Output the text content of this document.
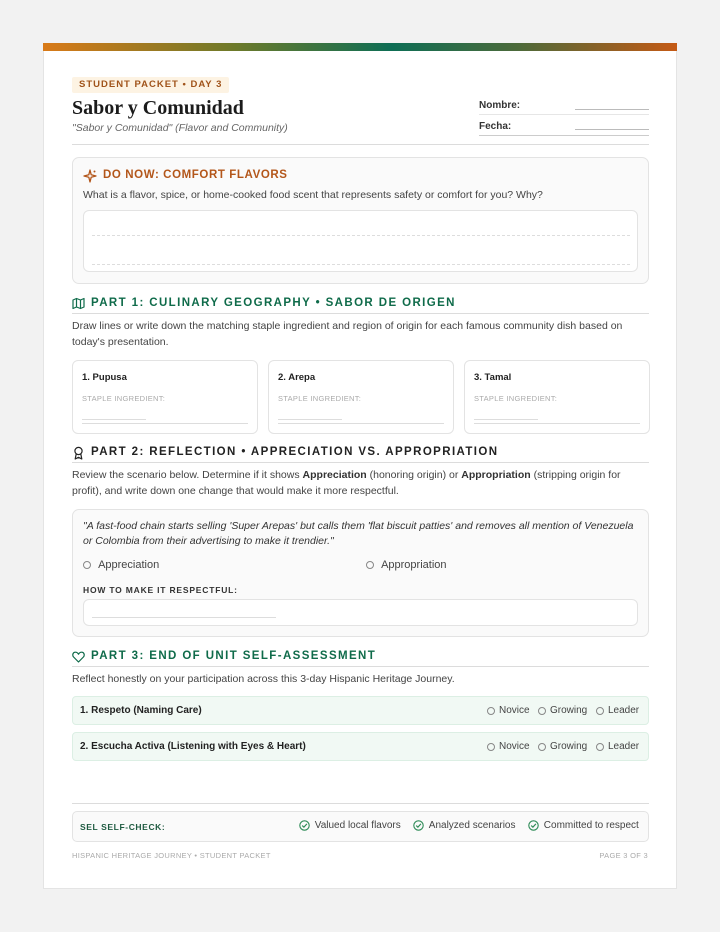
STUDENT PACKET • DAY 3
Sabor y Comunidad
"Sabor y Comunidad" (Flavor and Community)
Nombre:
Fecha:
DO NOW: COMFORT FLAVORS
What is a flavor, spice, or home-cooked food scent that represents safety or comfort for you? Why?
PART 1: CULINARY GEOGRAPHY • SABOR DE ORIGEN
Draw lines or write down the matching staple ingredient and region of origin for each famous community dish based on today's presentation.
1. Pupusa
STAPLE INGREDIENT:
2. Arepa
STAPLE INGREDIENT:
3. Tamal
STAPLE INGREDIENT:
PART 2: REFLECTION • APPRECIATION VS. APPROPRIATION
Review the scenario below. Determine if it shows Appreciation (honoring origin) or Appropriation (stripping origin for profit), and write down one change that would make it more respectful.
"A fast-food chain starts selling 'Super Arepas' but calls them 'flat biscuit patties' and removes all mention of Venezuela or Colombia from their advertising to make it trendier."
Appreciation	Appropriation
HOW TO MAKE IT RESPECTFUL:
PART 3: END OF UNIT SELF-ASSESSMENT
Reflect honestly on your participation across this 3-day Hispanic Heritage Journey.
1. Respeto (Naming Care)	Novice	Growing	Leader
2. Escucha Activa (Listening with Eyes & Heart)	Novice	Growing	Leader
SEL SELF-CHECK:	Valued local flavors	Analyzed scenarios	Committed to respect
HISPANIC HERITAGE JOURNEY • STUDENT PACKET	PAGE 3 OF 3
